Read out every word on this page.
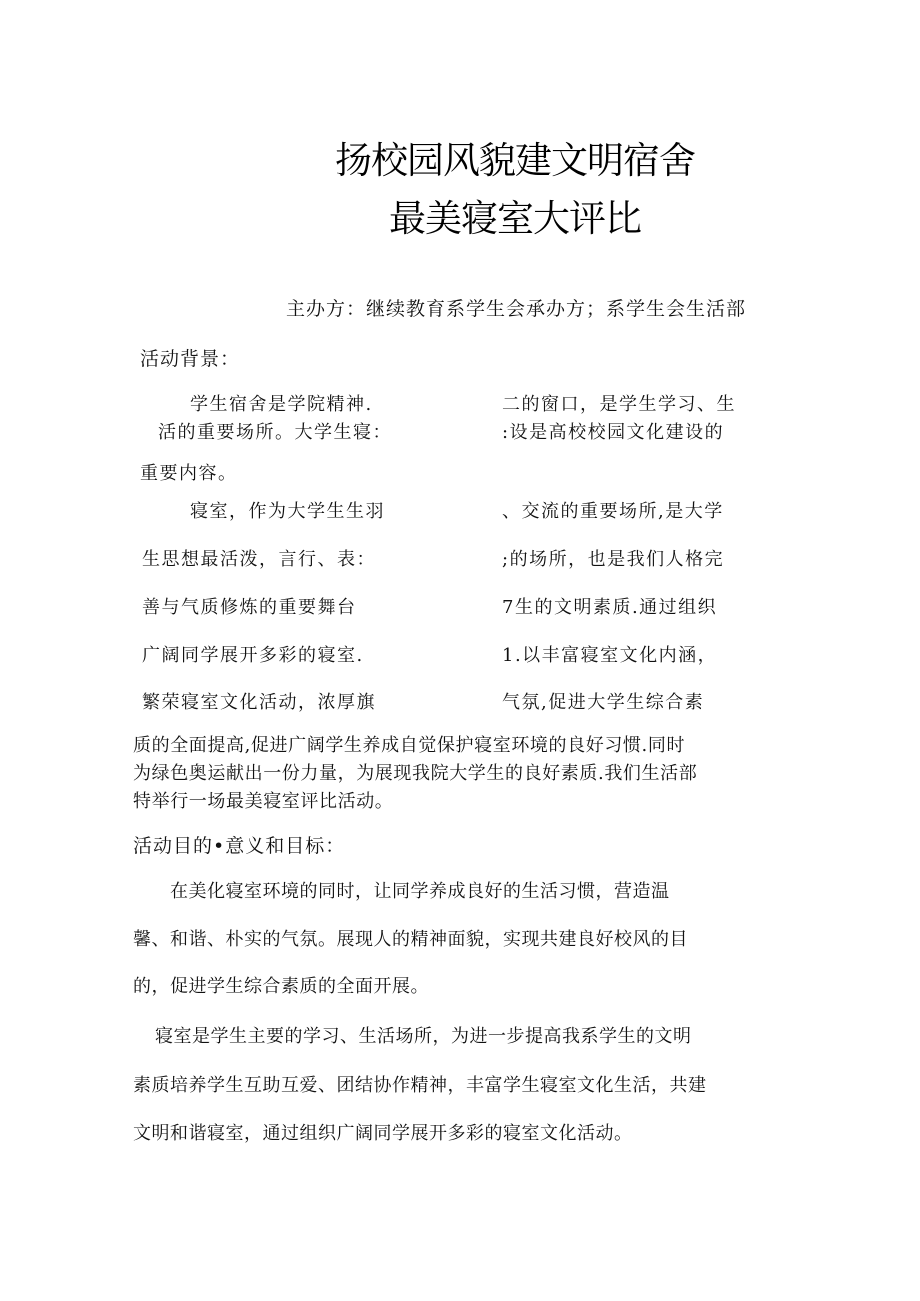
扬校园风貌建文明宿舍
最美寝室大评比
主办方：继续教育系学生会承办方；系学生会生活部
活动背景：
学生宿舍是学院精神.
活的重要场所。大学生寝：
重要内容。
寝室，作为大学生生羽
生思想最活泼，言行、表：
善与气质修炼的重要舞台
广阔同学展开多彩的寝室.
繁荣寝室文化活动，浓厚旗
二的窗口，是学生学习、生
:设是高校校园文化建设的
、交流的重要场所,是大学
;的场所，也是我们人格完
7生的文明素质.通过组织
1.以丰富寝室文化内涵，
气氛,促进大学生综合素
质的全面提高,促进广阔学生养成自觉保护寝室环境的良好习惯.同时
为绿色奥运献出一份力量，为展现我院大学生的良好素质.我们生活部
特举行一场最美寝室评比活动。
活动目的•意义和目标：
在美化寝室环境的同时，让同学养成良好的生活习惯，营造温
馨、和谐、朴实的气氛。展现人的精神面貌，实现共建良好校风的目
的，促进学生综合素质的全面开展。
寝室是学生主要的学习、生活场所，为进一步提高我系学生的文明
素质培养学生互助互爱、团结协作精神，丰富学生寝室文化生活，共建
文明和谐寝室，通过组织广阔同学展开多彩的寝室文化活动。
